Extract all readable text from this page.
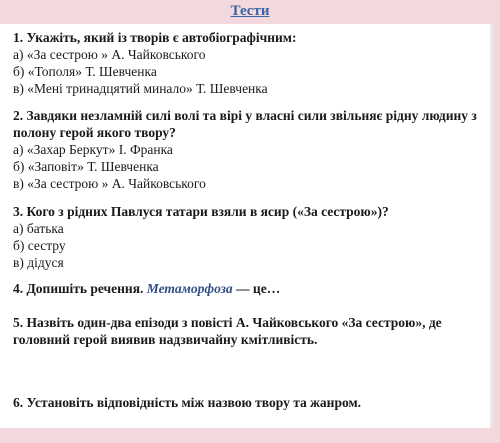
Тести

1. Укажіть, який із творів є автобіографічним:

а) «За сестрою » А. Чайковського

б) «Тополя» Т. Шевченка

в) «Мені тринадцятий минало» Т. Шевченка

2. Завдяки незламній силі волі та вірі у власні сили звільняє рідну людину з полону герой якого твору?

а) «Захар Беркут» І. Франка

б) «Заповіт» Т. Шевченка

в) «За сестрою » А. Чайковського

3. Кого з рідних Павлуся татари взяли в ясир («За сестрою»)?

а) батька

б) сестру

в) дідуся

4. Допишіть речення. Метаморфоза — це…

5. Назвіть один-два епізоди з повісті А. Чайковського «За сестрою», де головний герой виявив надзвичайну кмітливість.

6. Установіть відповідність між назвою твору та жанром.
